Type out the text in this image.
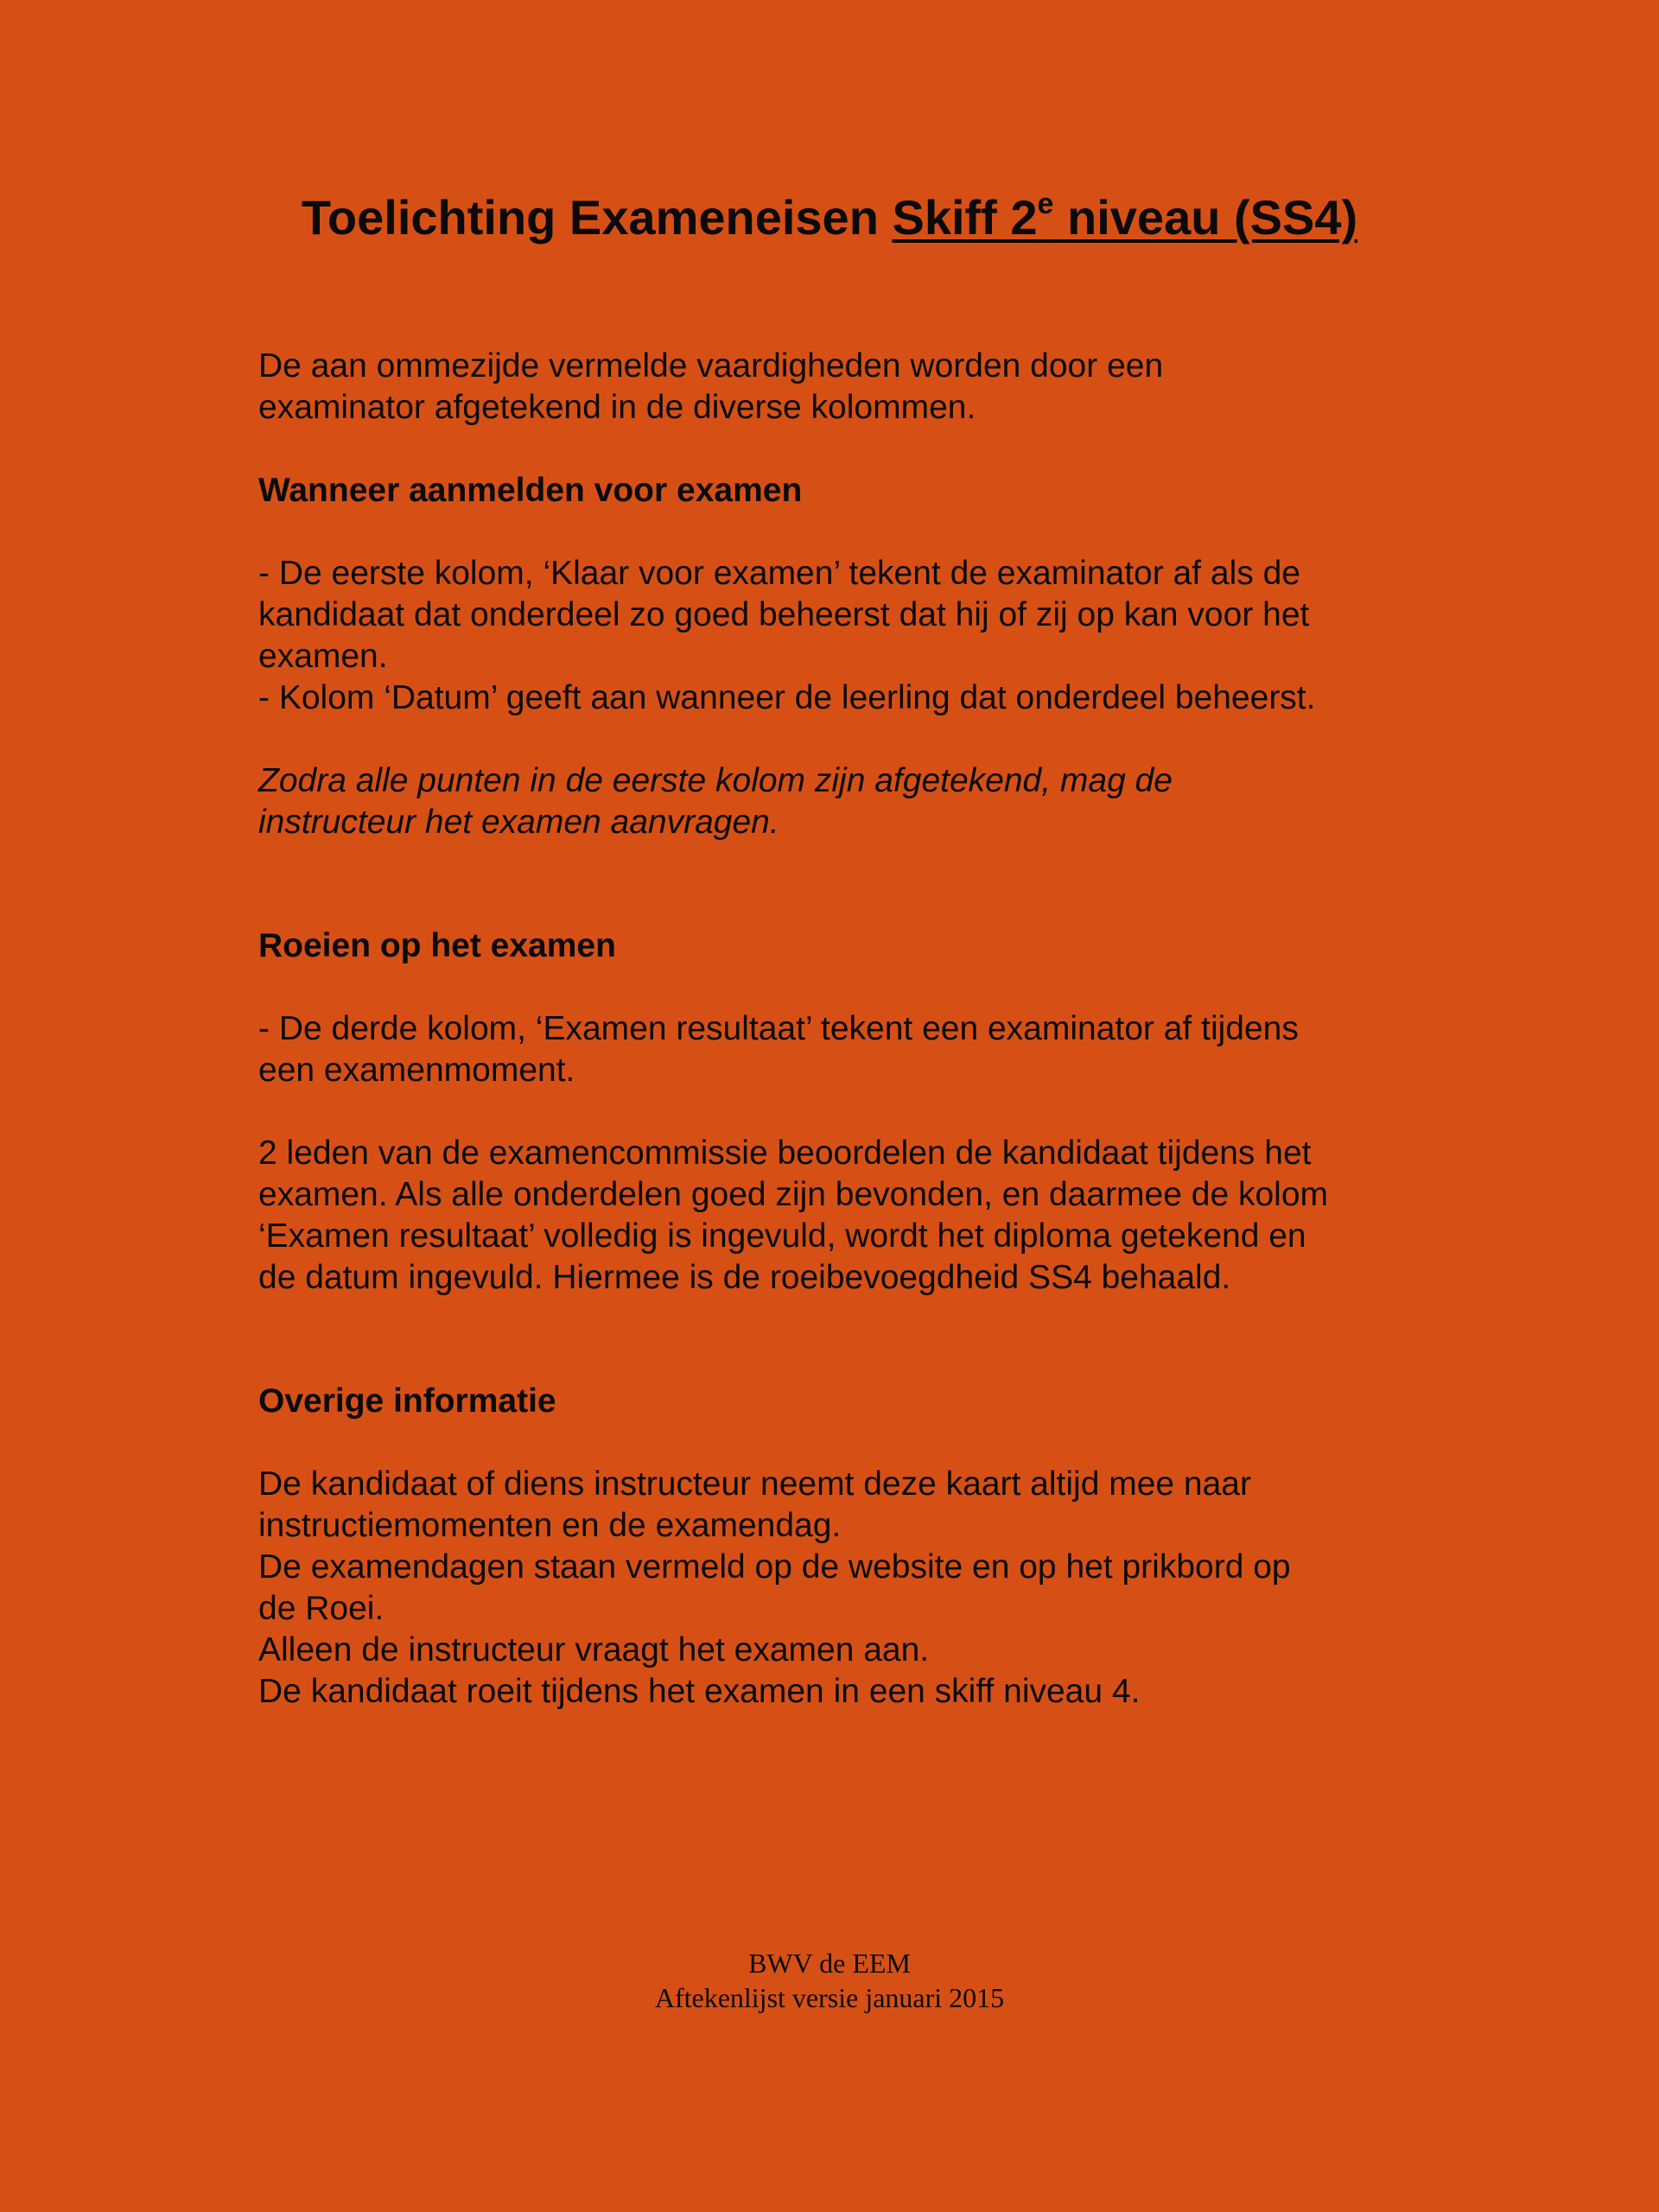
Toelichting Exameneisen Skiff 2e niveau (SS4)

De aan ommezijde vermelde vaardigheden worden door een

examinator afgetekend in de diverse kolommen.

Wanneer aanmelden voor examen

- De eerste kolom, ‘Klaar voor examen’ tekent de examinator af als de

kandidaat dat onderdeel zo goed beheerst dat hij of zij op kan voor het

examen.

- Kolom ‘Datum’ geeft aan wanneer de leerling dat onderdeel beheerst.

Zodra alle punten in de eerste kolom zijn afgetekend, mag de

instructeur het examen aanvragen.

Roeien op het examen

- De derde kolom, ‘Examen resultaat’ tekent een examinator af tijdens

een examenmoment.

2 leden van de examencommissie beoordelen de kandidaat tijdens het

examen. Als alle onderdelen goed zijn bevonden, en daarmee de kolom

‘Examen resultaat’ volledig is ingevuld, wordt het diploma getekend en

de datum ingevuld. Hiermee is de roeibevoegdheid SS4 behaald.

Overige informatie

De kandidaat of diens instructeur neemt deze kaart altijd mee naar

instructiemomenten en de examendag.

De examendagen staan vermeld op de website en op het prikbord op

de Roei.

Alleen de instructeur vraagt het examen aan.

De kandidaat roeit tijdens het examen in een skiff niveau 4.

BWV de EEM
Aftekenlijst versie januari 2015
